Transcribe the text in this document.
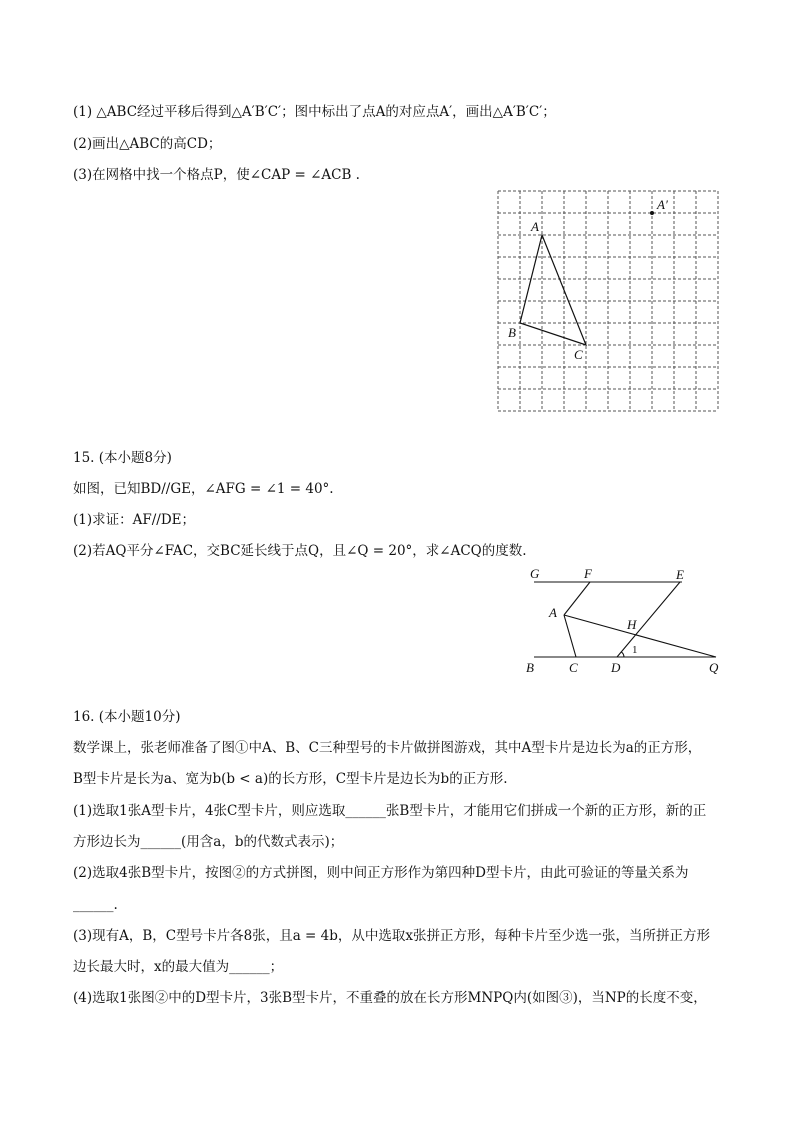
(1) △ABC经过平移后得到△A′B′C′；图中标出了点A的对应点A′，画出△A′B′C′；
(2)画出△ABC的高CD；
(3)在网格中找一个格点P，使∠CAP = ∠ACB .
A
B
C
A′
15. (本小题8分)
如图，已知BD//GE，∠AFG = ∠1 = 40°.
(1)求证：AF//DE；
(2)若AQ平分∠FAC，交BC延长线于点Q，且∠Q = 20°，求∠ACQ的度数.
G	F	E
A
H
1
B	C	D	Q
16. (本小题10分)
数学课上，张老师准备了图①中A、B、C三种型号的卡片做拼图游戏，其中A型卡片是边长为a的正方形，
B型卡片是长为a、宽为b(b < a)的长方形，C型卡片是边长为b的正方形.
(1)选取1张A型卡片，4张C型卡片，则应选取______张B型卡片，才能用它们拼成一个新的正方形，新的正
方形边长为______(用含a，b的代数式表示)；
(2)选取4张B型卡片，按图②的方式拼图，则中间正方形作为第四种D型卡片，由此可验证的等量关系为
______.
(3)现有A，B，C型号卡片各8张，且a = 4b，从中选取x张拼正方形，每种卡片至少选一张，当所拼正方形
边长最大时，x的最大值为______；
(4)选取1张图②中的D型卡片，3张B型卡片，不重叠的放在长方形MNPQ内(如图③)，当NP的长度不变，
